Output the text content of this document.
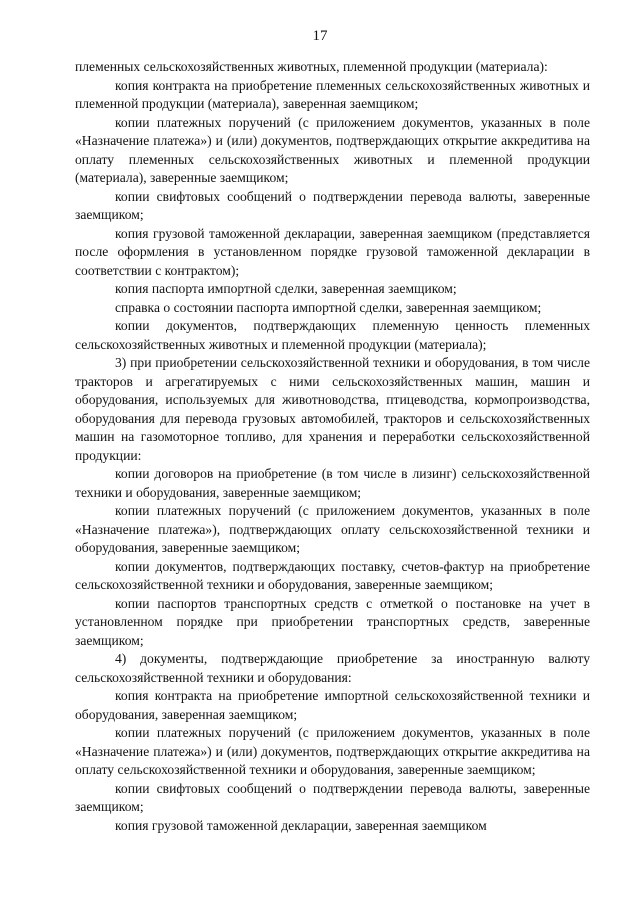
17

племенных сельскохозяйственных животных, племенной продукции (материала):

копия контракта на приобретение племенных сельскохозяйственных животных и племенной продукции (материала), заверенная заемщиком;

копии платежных поручений (с приложением документов, указанных в поле «Назначение платежа») и (или) документов, подтверждающих открытие аккредитива на оплату племенных сельскохозяйственных животных и племенной продукции (материала), заверенные заемщиком;

копии свифтовых сообщений о подтверждении перевода валюты, заверенные заемщиком;

копия грузовой таможенной декларации, заверенная заемщиком (представляется после оформления в установленном порядке грузовой таможенной декларации в соответствии с контрактом);

копия паспорта импортной сделки, заверенная заемщиком;

справка о состоянии паспорта импортной сделки, заверенная заемщиком;

копии документов, подтверждающих племенную ценность племенных сельскохозяйственных животных и племенной продукции (материала);

3) при приобретении сельскохозяйственной техники и оборудования, в том числе тракторов и агрегатируемых с ними сельскохозяйственных машин, машин и оборудования, используемых для животноводства, птицеводства, кормопроизводства, оборудования для перевода грузовых автомобилей, тракторов и сельскохозяйственных машин на газомоторное топливо, для хранения и переработки сельскохозяйственной продукции:

копии договоров на приобретение (в том числе в лизинг) сельскохозяйственной техники и оборудования, заверенные заемщиком;

копии платежных поручений (с приложением документов, указанных в поле «Назначение платежа»), подтверждающих оплату сельскохозяйственной техники и оборудования, заверенные заемщиком;

копии документов, подтверждающих поставку, счетов-фактур на приобретение сельскохозяйственной техники и оборудования, заверенные заемщиком;

копии паспортов транспортных средств с отметкой о постановке на учет в установленном порядке при приобретении транспортных средств, заверенные заемщиком;

4) документы, подтверждающие приобретение за иностранную валюту сельскохозяйственной техники и оборудования:

копия контракта на приобретение импортной сельскохозяйственной техники и оборудования, заверенная заемщиком;

копии платежных поручений (с приложением документов, указанных в поле «Назначение платежа») и (или) документов, подтверждающих открытие аккредитива на оплату сельскохозяйственной техники и оборудования, заверенные заемщиком;

копии свифтовых сообщений о подтверждении перевода валюты, заверенные заемщиком;

копия грузовой таможенной декларации, заверенная заемщиком
